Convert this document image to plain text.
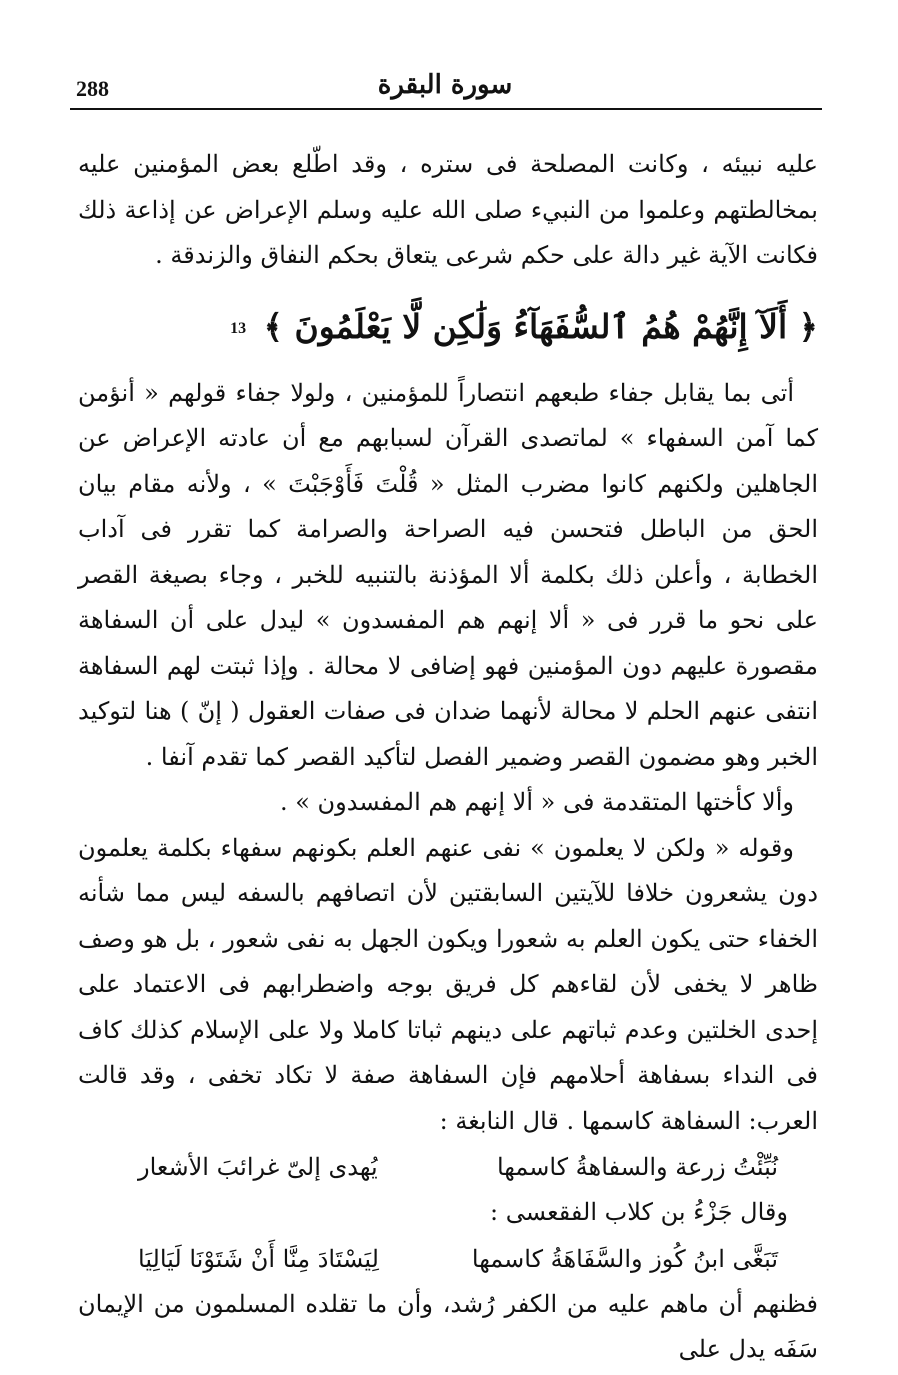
288	سورة البقرة

عليه نبيئه ، وكانت المصلحة فى ستره ، وقد اطّلع بعض المؤمنين عليه بمخالطتهم وعلموا من النبيء صلى الله عليه وسلم الإعراض عن إذاعة ذلك فكانت الآية غير دالة على حكم شرعى يتعاق بحكم النفاق والزندقة .

﴿ أَلَآ إِنَّهُمْ هُمُ ٱلسُّفَهَآءُ وَلَٰكِن لَّا يَعْلَمُونَ ﴾ 13

أتى بما يقابل جفاء طبعهم انتصاراً للمؤمنين ، ولولا جفاء قولهم « أنؤمن كما آمن السفهاء » لماتصدى القرآن لسبابهم مع أن عادته الإعراض عن الجاهلين ولكنهم كانوا مضرب المثل « قُلْتَ فَأَوْجَبْتَ » ، ولأنه مقام بيان الحق من الباطل فتحسن فيه الصراحة والصرامة كما تقرر فى آداب الخطابة ، وأعلن ذلك بكلمة ألا المؤذنة بالتنبيه للخبر ، وجاء بصيغة القصر على نحو ما قرر فى « ألا إنهم هم المفسدون » ليدل على أن السفاهة مقصورة عليهم دون المؤمنين فهو إضافى لا محالة . وإذا ثبتت لهم السفاهة انتفى عنهم الحلم لا محالة لأنهما ضدان فى صفات العقول ( إنّ ) هنا لتوكيد الخبر وهو مضمون القصر وضمير الفصل لتأكيد القصر كما تقدم آنفا .

وألا كأختها المتقدمة فى « ألا إنهم هم المفسدون » .

وقوله « ولكن لا يعلمون » نفى عنهم العلم بكونهم سفهاء بكلمة يعلمون دون يشعرون خلافا للآيتين السابقتين لأن اتصافهم بالسفه ليس مما شأنه الخفاء حتى يكون العلم به شعورا ويكون الجهل به نفى شعور ، بل هو وصف ظاهر لا يخفى لأن لقاءهم كل فريق بوجه واضطرابهم فى الاعتماد على إحدى الخلتين وعدم ثباتهم على دينهم ثباتا كاملا ولا على الإسلام كذلك كاف فى النداء بسفاهة أحلامهم فإن السفاهة صفة لا تكاد تخفى ، وقد قالت العرب: السفاهة كاسمها . قال النابغة :

نُبِّئْتُ زرعة والسفاهةُ كاسمها
يُهدى إلىّ غرائبَ الأشعار

وقال جَزْءُ بن كلاب الفقعسى :

تَبَغَّى ابنُ كُوز والسَّفَاهَةُ كاسمها
لِيَسْتَادَ مِنَّا أَنْ شَتَوْنَا لَيَالِيَا

فظنهم أن ماهم عليه من الكفر رُشد، وأن ما تقلده المسلمون من الإيمان سَفَه يدل على
